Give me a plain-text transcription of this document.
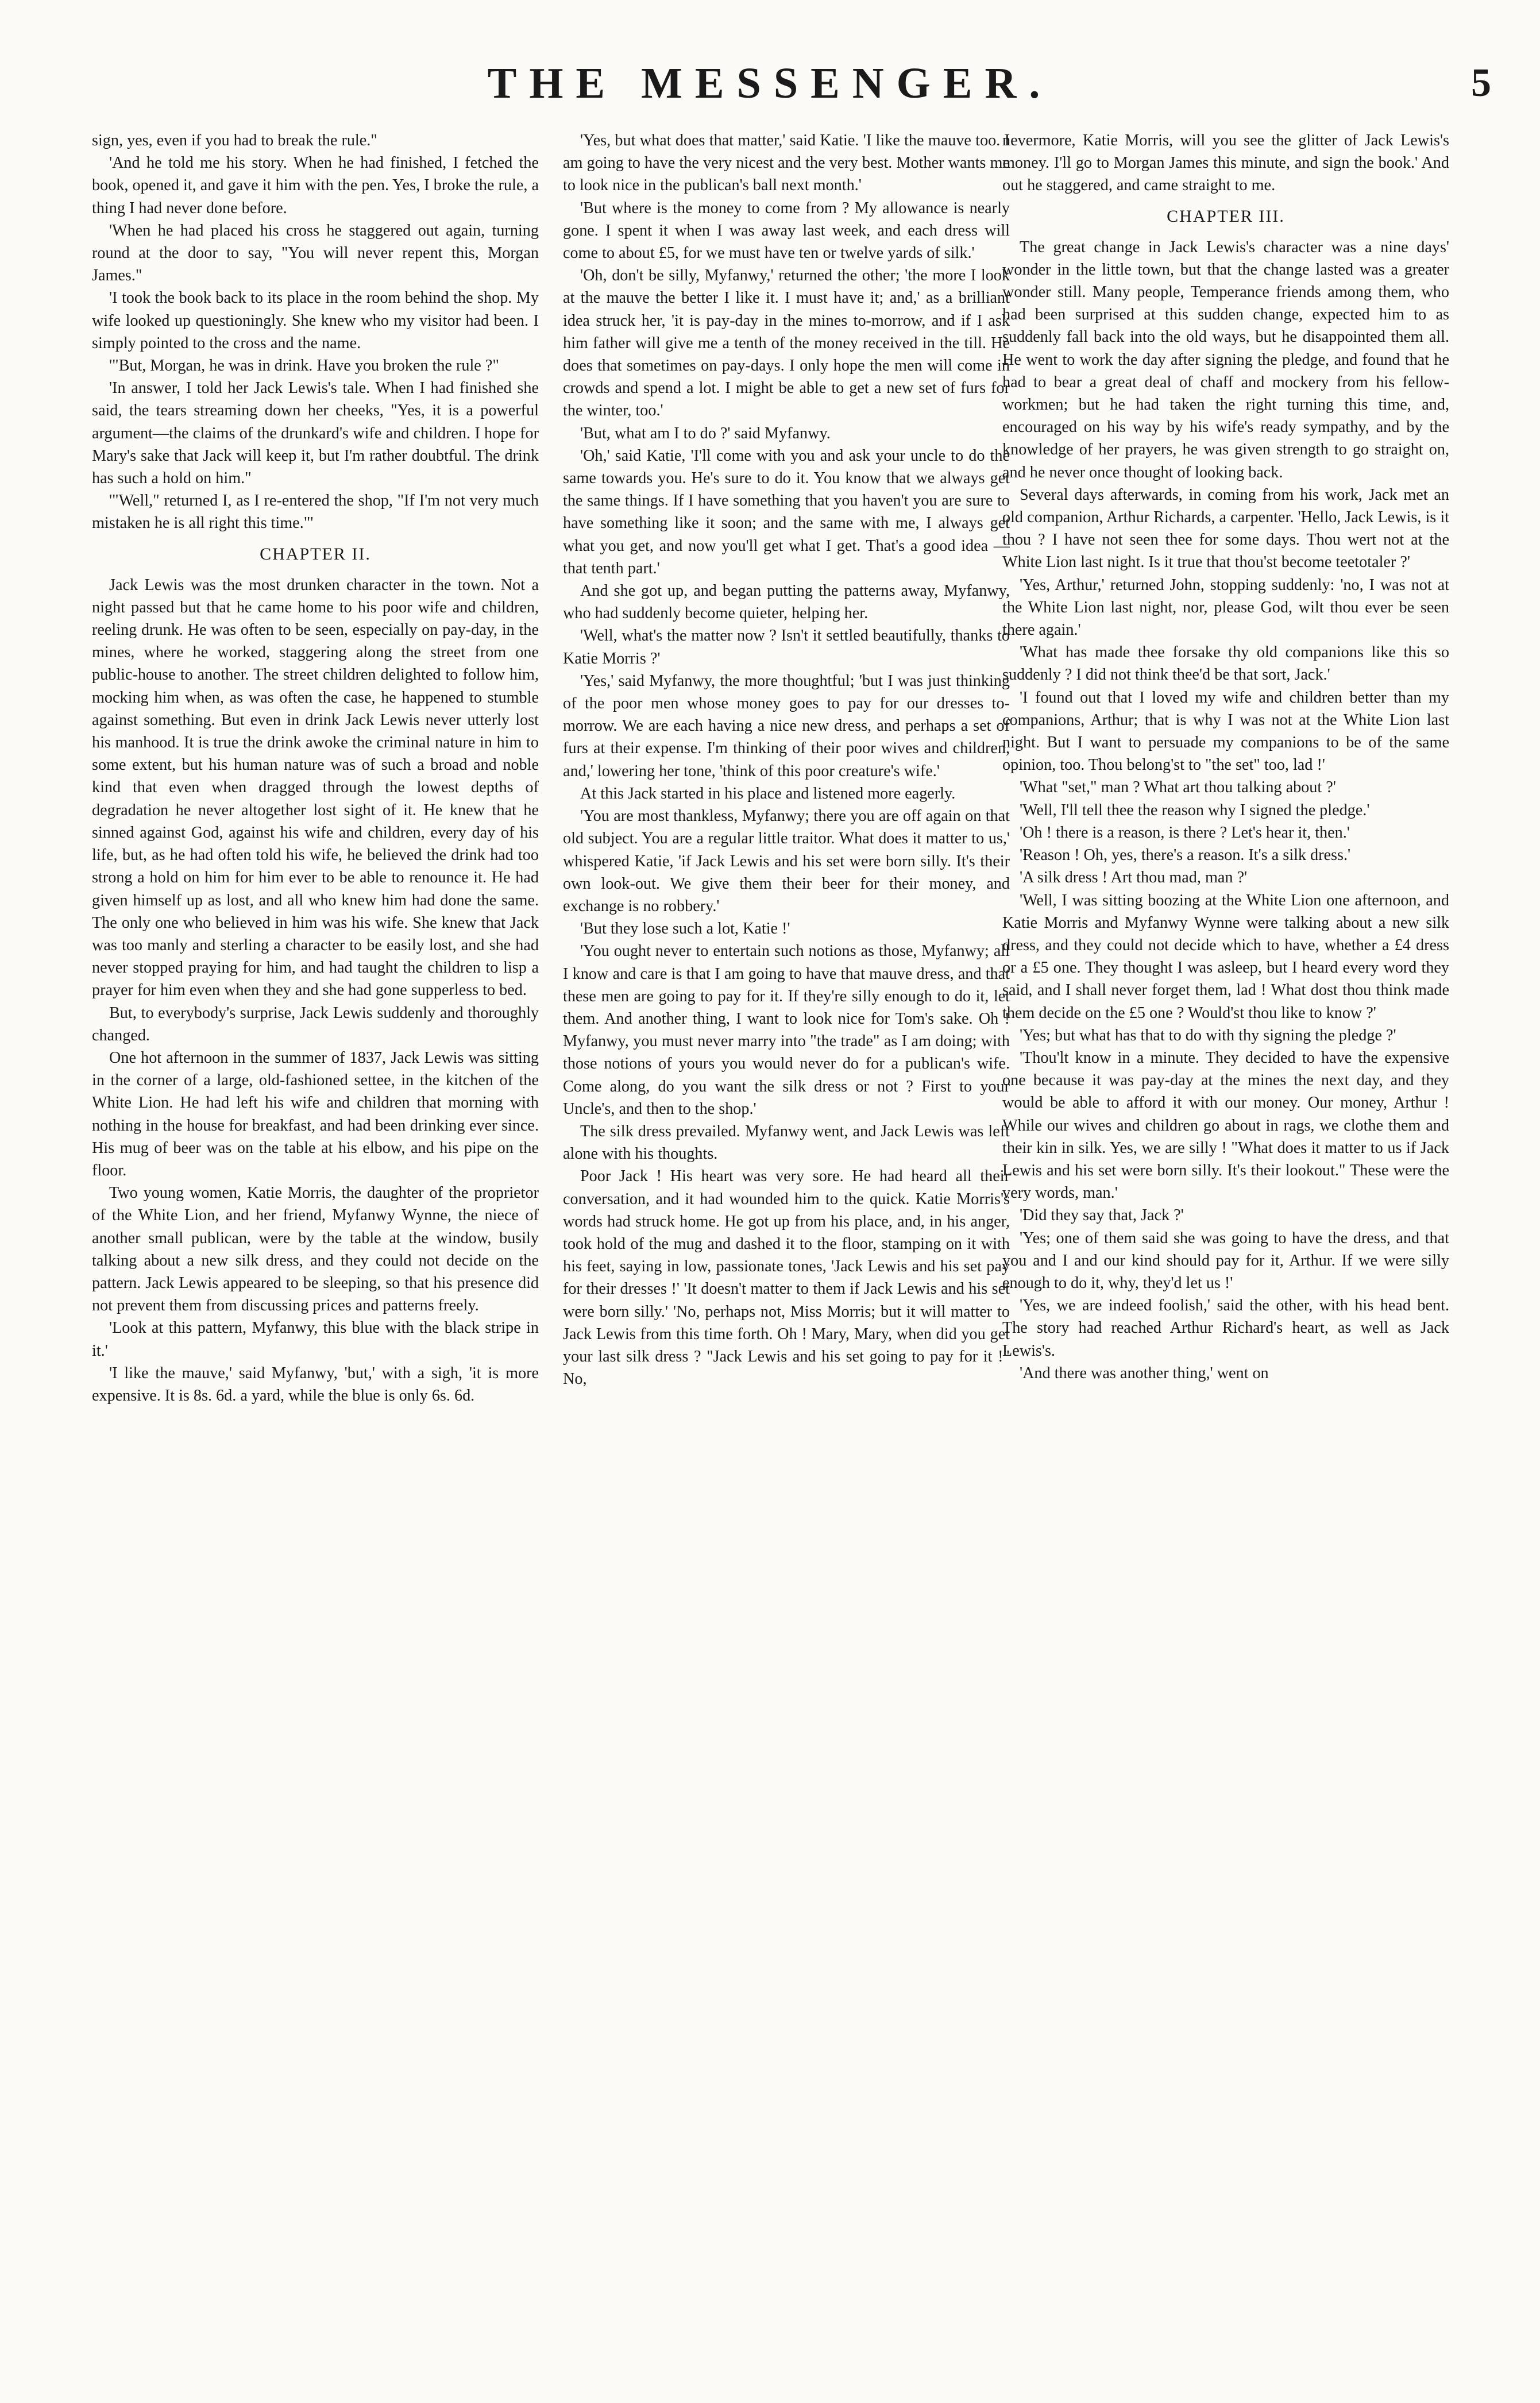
THE MESSENGER.	5

sign, yes, even if you had to break the rule."

'And he told me his story. When he had finished, I fetched the book, opened it, and gave it him with the pen. Yes, I broke the rule, a thing I had never done before.

'When he had placed his cross he staggered out again, turning round at the door to say, "You will never repent this, Morgan James."

'I took the book back to its place in the room behind the shop. My wife looked up questioningly. She knew who my visitor had been. I simply pointed to the cross and the name.

'"But, Morgan, he was in drink. Have you broken the rule ?"

'In answer, I told her Jack Lewis's tale. When I had finished she said, the tears streaming down her cheeks, "Yes, it is a powerful argument—the claims of the drunkard's wife and children. I hope for Mary's sake that Jack will keep it, but I'm rather doubtful. The drink has such a hold on him."

'"Well," returned I, as I re-entered the shop, "If I'm not very much mistaken he is all right this time."'

CHAPTER II.

Jack Lewis was the most drunken character in the town. Not a night passed but that he came home to his poor wife and children, reeling drunk. He was often to be seen, especially on pay-day, in the mines, where he worked, staggering along the street from one public-house to another. The street children delighted to follow him, mocking him when, as was often the case, he happened to stumble against something. But even in drink Jack Lewis never utterly lost his manhood. It is true the drink awoke the criminal nature in him to some extent, but his human nature was of such a broad and noble kind that even when dragged through the lowest depths of degradation he never altogether lost sight of it. He knew that he sinned against God, against his wife and children, every day of his life, but, as he had often told his wife, he believed the drink had too strong a hold on him for him ever to be able to renounce it. He had given himself up as lost, and all who knew him had done the same. The only one who believed in him was his wife. She knew that Jack was too manly and sterling a character to be easily lost, and she had never stopped praying for him, and had taught the children to lisp a prayer for him even when they and she had gone supperless to bed.

But, to everybody's surprise, Jack Lewis suddenly and thoroughly changed.

One hot afternoon in the summer of 1837, Jack Lewis was sitting in the corner of a large, old-fashioned settee, in the kitchen of the White Lion. He had left his wife and children that morning with nothing in the house for breakfast, and had been drinking ever since. His mug of beer was on the table at his elbow, and his pipe on the floor.

Two young women, Katie Morris, the daughter of the proprietor of the White Lion, and her friend, Myfanwy Wynne, the niece of another small publican, were by the table at the window, busily talking about a new silk dress, and they could not decide on the pattern. Jack Lewis appeared to be sleeping, so that his presence did not prevent them from discussing prices and patterns freely.

'Look at this pattern, Myfanwy, this blue with the black stripe in it.'

'I like the mauve,' said Myfanwy, 'but,' with a sigh, 'it is more expensive. It is 8s. 6d. a yard, while the blue is only 6s. 6d.

'Yes, but what does that matter,' said Katie. 'I like the mauve too. I am going to have the very nicest and the very best. Mother wants me to look nice in the publican's ball next month.'

'But where is the money to come from ? My allowance is nearly gone. I spent it when I was away last week, and each dress will come to about £5, for we must have ten or twelve yards of silk.'

'Oh, don't be silly, Myfanwy,' returned the other; 'the more I look at the mauve the better I like it. I must have it; and,' as a brilliant idea struck her, 'it is pay-day in the mines to-morrow, and if I ask him father will give me a tenth of the money received in the till. He does that sometimes on pay-days. I only hope the men will come in crowds and spend a lot. I might be able to get a new set of furs for the winter, too.'

'But, what am I to do ?' said Myfanwy.

'Oh,' said Katie, 'I'll come with you and ask your uncle to do the same towards you. He's sure to do it. You know that we always get the same things. If I have something that you haven't you are sure to have something like it soon; and the same with me, I always get what you get, and now you'll get what I get. That's a good idea —that tenth part.'

And she got up, and began putting the patterns away, Myfanwy, who had suddenly become quieter, helping her.

'Well, what's the matter now ? Isn't it settled beautifully, thanks to Katie Morris ?'

'Yes,' said Myfanwy, the more thoughtful; 'but I was just thinking of the poor men whose money goes to pay for our dresses to-morrow. We are each having a nice new dress, and perhaps a set of furs at their expense. I'm thinking of their poor wives and children, and,' lowering her tone, 'think of this poor creature's wife.'

At this Jack started in his place and listened more eagerly.

'You are most thankless, Myfanwy; there you are off again on that old subject. You are a regular little traitor. What does it matter to us,' whispered Katie, 'if Jack Lewis and his set were born silly. It's their own look-out. We give them their beer for their money, and exchange is no robbery.'

'But they lose such a lot, Katie !'

'You ought never to entertain such notions as those, Myfanwy; all I know and care is that I am going to have that mauve dress, and that these men are going to pay for it. If they're silly enough to do it, let them. And another thing, I want to look nice for Tom's sake. Oh ! Myfanwy, you must never marry into "the trade" as I am doing; with those notions of yours you would never do for a publican's wife. Come along, do you want the silk dress or not ? First to your Uncle's, and then to the shop.'

The silk dress prevailed. Myfanwy went, and Jack Lewis was left alone with his thoughts.

Poor Jack ! His heart was very sore. He had heard all their conversation, and it had wounded him to the quick. Katie Morris's words had struck home. He got up from his place, and, in his anger, took hold of the mug and dashed it to the floor, stamping on it with his feet, saying in low, passionate tones, 'Jack Lewis and his set pay for their dresses !' 'It doesn't matter to them if Jack Lewis and his set were born silly.' 'No, perhaps not, Miss Morris; but it will matter to Jack Lewis from this time forth. Oh ! Mary, Mary, when did you get your last silk dress ? "Jack Lewis and his set going to pay for it !" No,

nevermore, Katie Morris, will you see the glitter of Jack Lewis's money. I'll go to Morgan James this minute, and sign the book.' And out he staggered, and came straight to me.

CHAPTER III.

The great change in Jack Lewis's character was a nine days' wonder in the little town, but that the change lasted was a greater wonder still. Many people, Temperance friends among them, who had been surprised at this sudden change, expected him to as suddenly fall back into the old ways, but he disappointed them all. He went to work the day after signing the pledge, and found that he had to bear a great deal of chaff and mockery from his fellow-workmen; but he had taken the right turning this time, and, encouraged on his way by his wife's ready sympathy, and by the knowledge of her prayers, he was given strength to go straight on, and he never once thought of looking back.

Several days afterwards, in coming from his work, Jack met an old companion, Arthur Richards, a carpenter. 'Hello, Jack Lewis, is it thou ? I have not seen thee for some days. Thou wert not at the White Lion last night. Is it true that thou'st become teetotaler ?'

'Yes, Arthur,' returned John, stopping suddenly: 'no, I was not at the White Lion last night, nor, please God, wilt thou ever be seen there again.'

'What has made thee forsake thy old companions like this so suddenly ? I did not think thee'd be that sort, Jack.'

'I found out that I loved my wife and children better than my companions, Arthur; that is why I was not at the White Lion last night. But I want to persuade my companions to be of the same opinion, too. Thou belong'st to "the set" too, lad !'

'What "set," man ? What art thou talking about ?'

'Well, I'll tell thee the reason why I signed the pledge.'

'Oh ! there is a reason, is there ? Let's hear it, then.'

'Reason ! Oh, yes, there's a reason. It's a silk dress.'

'A silk dress ! Art thou mad, man ?'

'Well, I was sitting boozing at the White Lion one afternoon, and Katie Morris and Myfanwy Wynne were talking about a new silk dress, and they could not decide which to have, whether a £4 dress or a £5 one. They thought I was asleep, but I heard every word they said, and I shall never forget them, lad ! What dost thou think made them decide on the £5 one ? Would'st thou like to know ?'

'Yes; but what has that to do with thy signing the pledge ?'

'Thou'lt know in a minute. They decided to have the expensive one because it was pay-day at the mines the next day, and they would be able to afford it with our money. Our money, Arthur ! While our wives and children go about in rags, we clothe them and their kin in silk. Yes, we are silly ! "What does it matter to us if Jack Lewis and his set were born silly. It's their lookout." These were the very words, man.'

'Did they say that, Jack ?'

'Yes; one of them said she was going to have the dress, and that you and I and our kind should pay for it, Arthur. If we were silly enough to do it, why, they'd let us !'

'Yes, we are indeed foolish,' said the other, with his head bent. The story had reached Arthur Richard's heart, as well as Jack Lewis's.

'And there was another thing,' went on
